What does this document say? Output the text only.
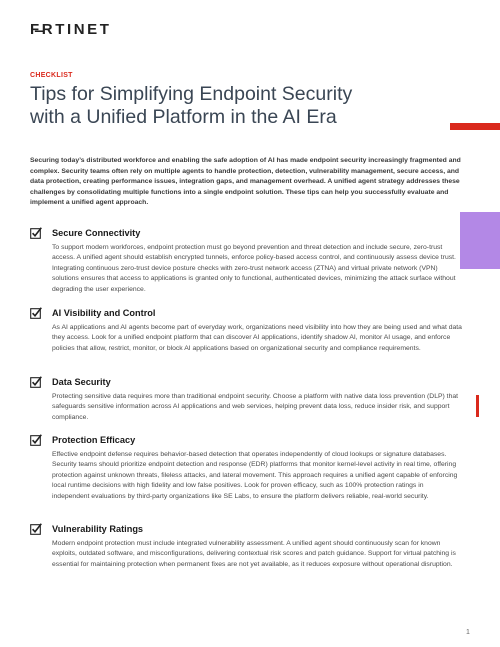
F̶RTINET
CHECKLIST
Tips for Simplifying Endpoint Security
with a Unified Platform in the AI Era

Securing today’s distributed workforce and enabling the safe adoption of AI has made endpoint security increasingly fragmented and complex. Security teams often rely on multiple agents to handle protection, detection, vulnerability management, secure access, and data protection, creating performance issues, integration gaps, and management overhead. A unified agent strategy addresses these challenges by consolidating multiple functions into a single endpoint solution. These tips can help you successfully evaluate and implement a unified agent approach.

Secure Connectivity
To support modern workforces, endpoint protection must go beyond prevention and threat detection and include secure, zero-trust access. A unified agent should establish encrypted tunnels, enforce policy-based access control, and continuously assess device trust. Integrating continuous zero-trust device posture checks with zero-trust network access (ZTNA) and virtual private network (VPN) solutions ensures that access to applications is granted only to functional, authenticated devices, minimizing the attack surface without degrading the user experience.
AI Visibility and Control
As AI applications and AI agents become part of everyday work, organizations need visibility into how they are being used and what data they access. Look for a unified endpoint platform that can discover AI applications, identify shadow AI, monitor AI usage, and enforce policies that allow, restrict, monitor, or block AI applications based on organizational security and compliance requirements.
Data Security
Protecting sensitive data requires more than traditional endpoint security. Choose a platform with native data loss prevention (DLP) that safeguards sensitive information across AI applications and web services, helping prevent data loss, reduce insider risk, and support compliance.
Protection Efficacy
Effective endpoint defense requires behavior-based detection that operates independently of cloud lookups or signature databases. Security teams should prioritize endpoint detection and response (EDR) platforms that monitor kernel-level activity in real time, offering protection against unknown threats, fileless attacks, and lateral movement. This approach requires a unified agent capable of enforcing local runtime decisions with high fidelity and low false positives. Look for proven efficacy, such as 100% protection ratings in independent evaluations by third-party organizations like SE Labs, to ensure the platform delivers reliable, real-world security.
Vulnerability Ratings
Modern endpoint protection must include integrated vulnerability assessment. A unified agent should continuously scan for known exploits, outdated software, and misconfigurations, delivering contextual risk scores and patch guidance. Support for virtual patching is essential for maintaining protection when permanent fixes are not yet available, as it reduces exposure without operational disruption.
1
